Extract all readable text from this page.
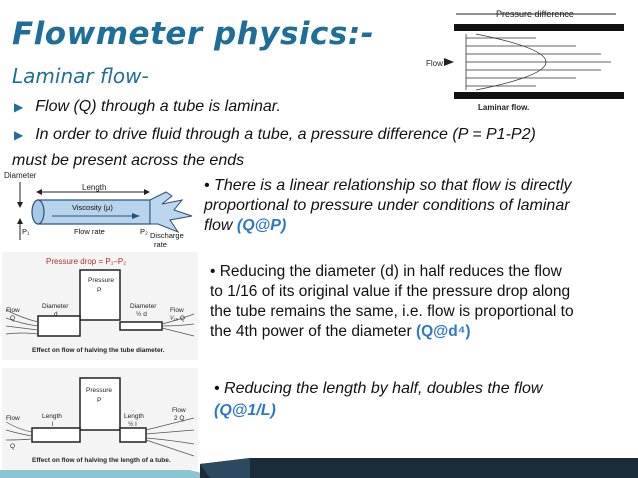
Flowmeter physics:-
Laminar flow-
Pressure difference
Flow
Laminar flow.
▶ Flow (Q) through a tube is laminar.
▶ In order to drive fluid through a tube, a pressure difference (P = P1-P2)
must be present across the ends
Diameter
Length
Viscosity (μ)
P₁	Flow rate	P₂ Discharge
rate
• There is a linear relationship so that flow is directly
proportional to pressure under conditions of laminar
flow (Q@P)
Pressure drop = P₁–P₂
Pressure
P
Diameter
d
Diameter
½ d
Flow
Q
Flow
¹⁄₁₆ Q
Effect on flow of halving the tube diameter.
• Reducing the diameter (d) in half reduces the flow
to 1/16 of its original value if the pressure drop along
the tube remains the same, i.e. flow is proportional to
the 4th power of the diameter (Q@d⁴)
Pressure
P
Length
l
Length
½ l
Flow
Q
Flow
2 Q
Effect on flow of halving the length of a tube.
• Reducing the length by half, doubles the flow
(Q@1/L)
